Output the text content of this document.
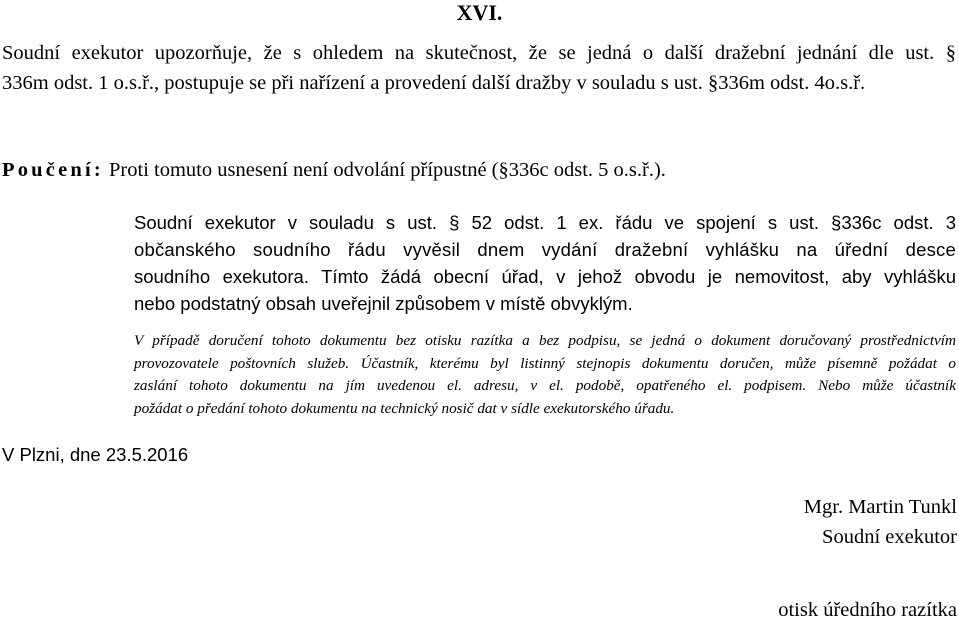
XVI.
Soudní exekutor upozorňuje, že s ohledem na skutečnost, že se jedná o další dražební jednání dle ust. §
336m odst. 1 o.s.ř., postupuje se při nařízení a provedení další dražby v souladu s ust. §336m odst. 4o.s.ř.
Poučení: Proti tomuto usnesení není odvolání přípustné (§336c odst. 5 o.s.ř.).
Soudní exekutor v souladu s ust. § 52 odst. 1 ex. řádu ve spojení s ust. §336c odst. 3
občanského soudního řádu vyvěsil dnem vydání dražební vyhlášku na úřední desce
soudního exekutora. Tímto žádá obecní úřad, v jehož obvodu je nemovitost, aby vyhlášku
nebo podstatný obsah uveřejnil způsobem v místě obvyklým.
V případě doručení tohoto dokumentu bez otisku razítka a bez podpisu, se jedná o dokument doručovaný prostřednictvím
provozovatele poštovních služeb. Účastník, kterému byl listinný stejnopis dokumentu doručen, může písemně požádat o
zaslání tohoto dokumentu na jím uvedenou el. adresu, v el. podobě, opatřeného el. podpisem. Nebo může účastník
požádat o předání tohoto dokumentu na technický nosič dat v sídle exekutorského úřadu.
V Plzni, dne 23.5.2016
Mgr. Martin Tunkl
Soudní exekutor
otisk úředního razítka
